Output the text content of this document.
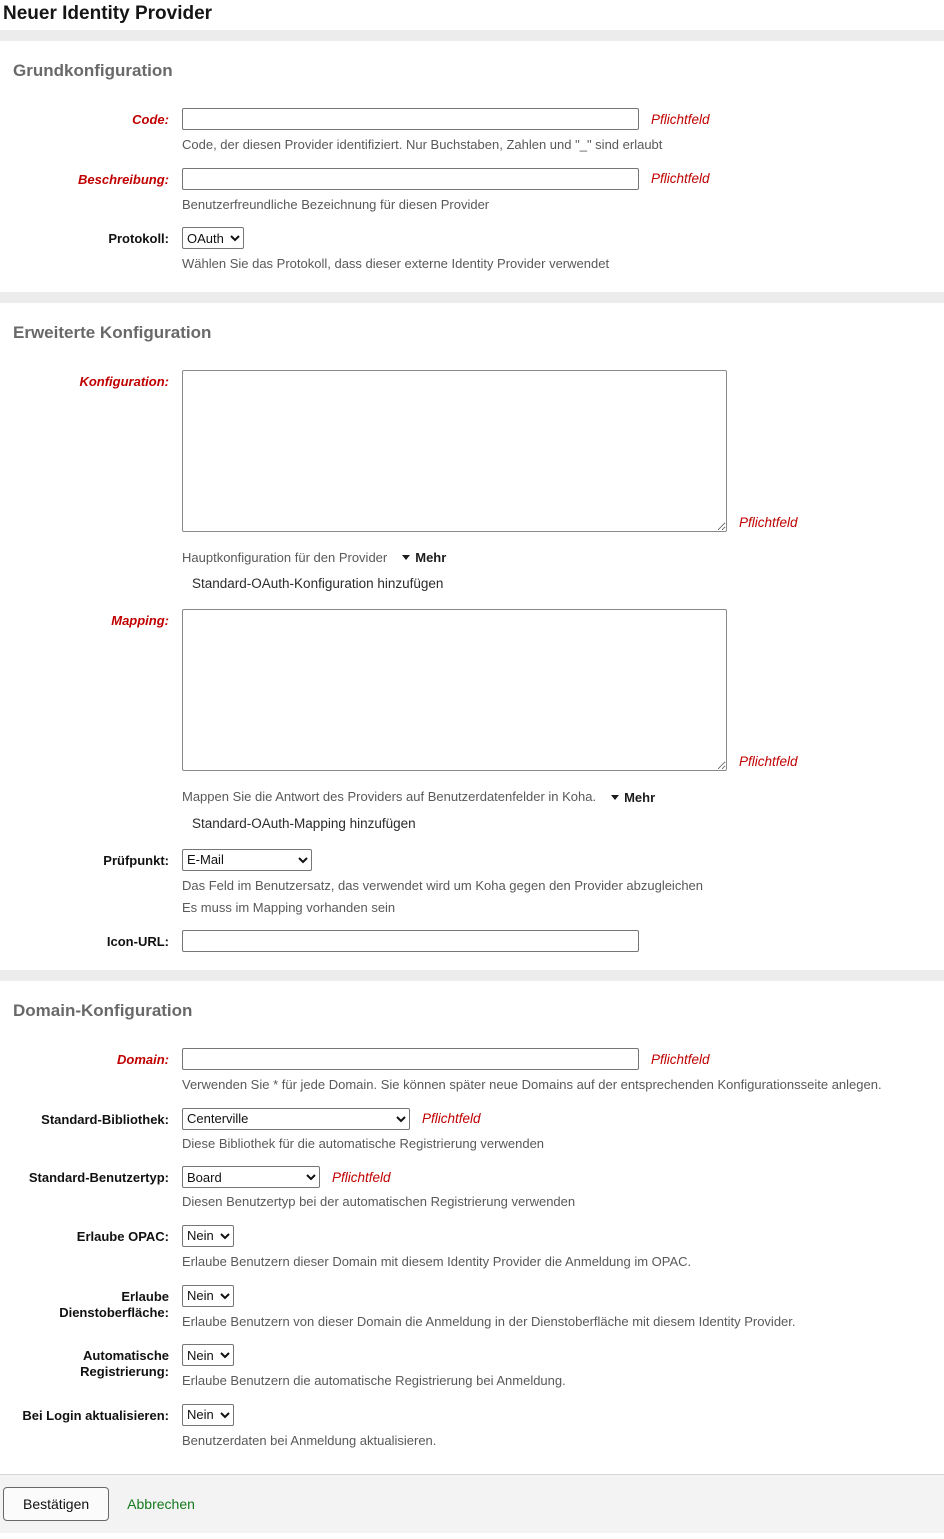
Neuer Identity Provider
Grundkonfiguration
Code:	Pflichtfeld
Code, der diesen Provider identifiziert. Nur Buchstaben, Zahlen und "_" sind erlaubt
Beschreibung:	Pflichtfeld
Benutzerfreundliche Bezeichnung für diesen Provider
Protokoll:
OAuth
Wählen Sie das Protokoll, dass dieser externe Identity Provider verwendet
Erweiterte Konfiguration
Konfiguration:
Pflichtfeld
Hauptkonfiguration für den Provider	Mehr
Standard-OAuth-Konfiguration hinzufügen
Mapping:
Pflichtfeld
Mappen Sie die Antwort des Providers auf Benutzerdatenfelder in Koha.	Mehr
Standard-OAuth-Mapping hinzufügen
Prüfpunkt:
E-Mail
Das Feld im Benutzersatz, das verwendet wird um Koha gegen den Provider abzugleichen
Es muss im Mapping vorhanden sein
Icon-URL:
Domain-Konfiguration
Domain:	Pflichtfeld
Verwenden Sie * für jede Domain. Sie können später neue Domains auf der entsprechenden Konfigurationsseite anlegen.
Standard-Bibliothek:
Centerville	Pflichtfeld
Diese Bibliothek für die automatische Registrierung verwenden
Standard-Benutzertyp:
Board	Pflichtfeld
Diesen Benutzertyp bei der automatischen Registrierung verwenden
Erlaube OPAC:
Nein
Erlaube Benutzern dieser Domain mit diesem Identity Provider die Anmeldung im OPAC.
Erlaube Dienstoberfläche:
Nein
Erlaube Benutzern von dieser Domain die Anmeldung in der Dienstoberfläche mit diesem Identity Provider.
Automatische Registrierung:
Nein
Erlaube Benutzern die automatische Registrierung bei Anmeldung.
Bei Login aktualisieren:
Nein
Benutzerdaten bei Anmeldung aktualisieren.
Bestätigen	Abbrechen
